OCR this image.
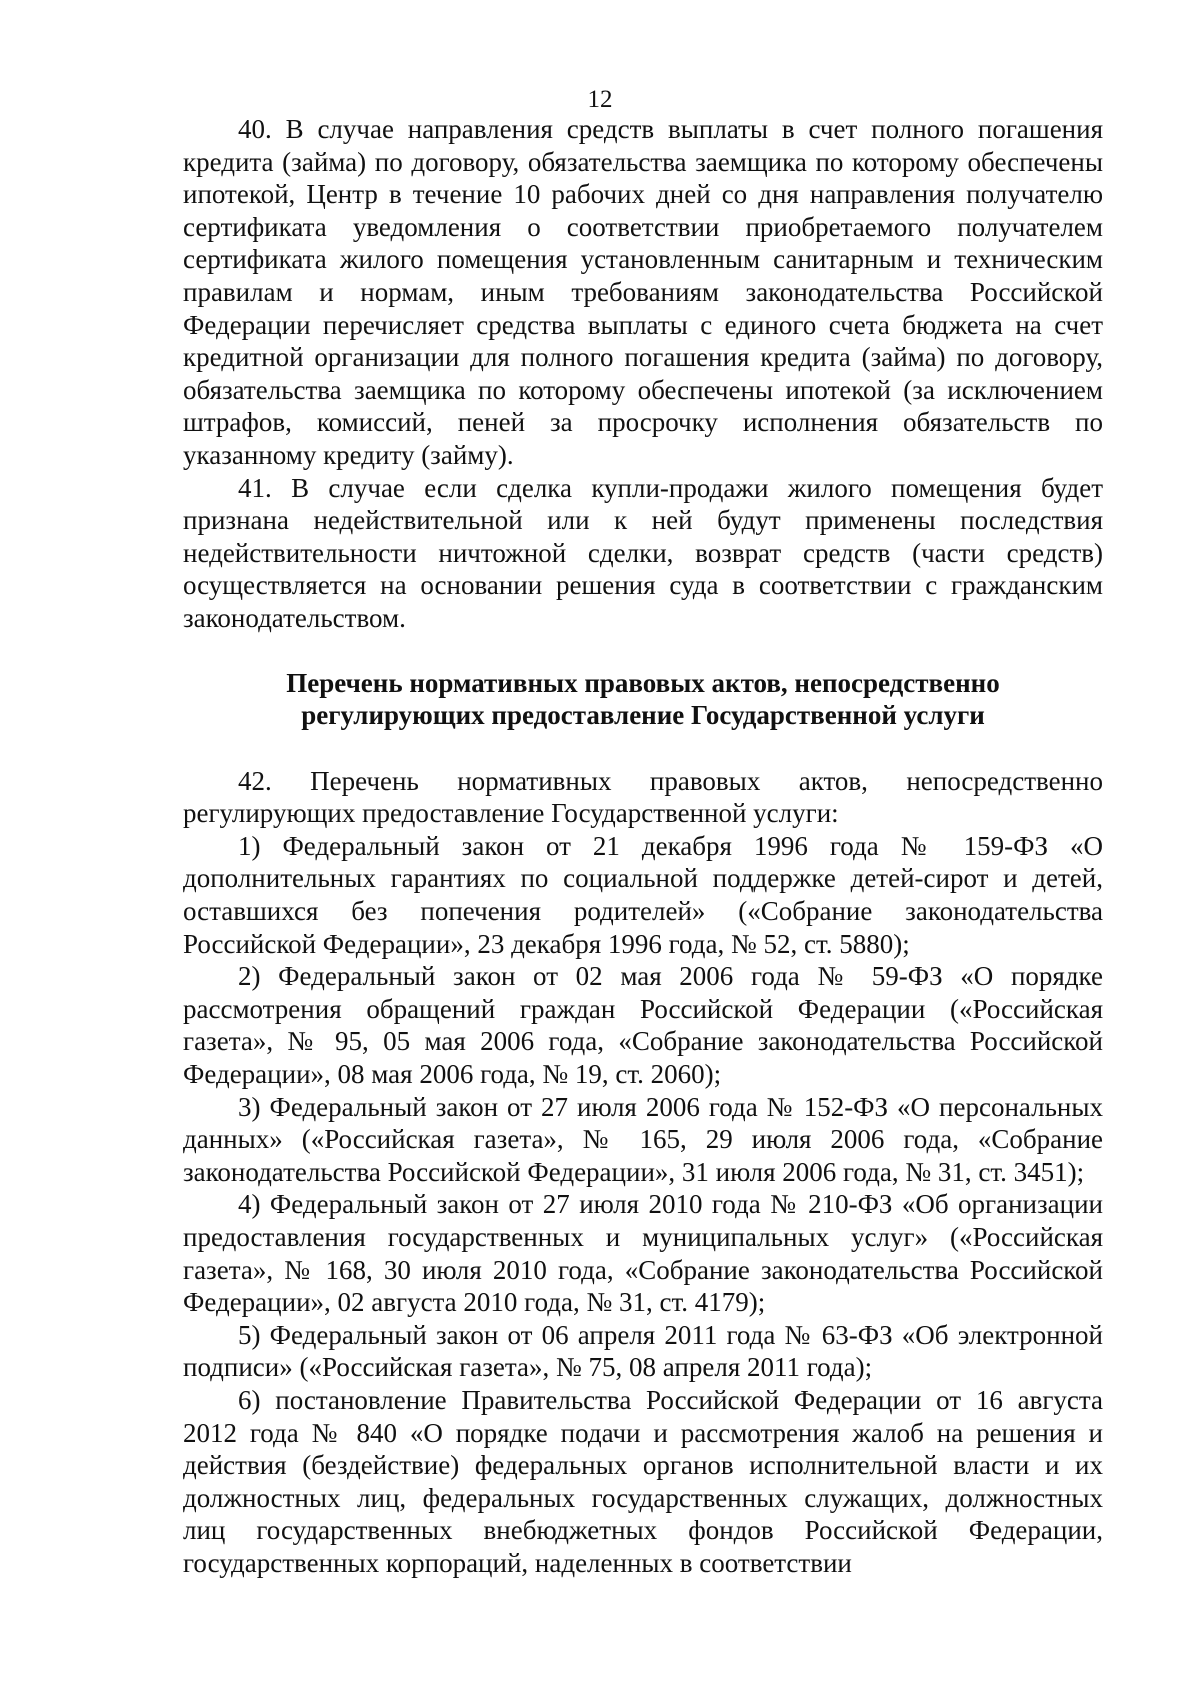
12

40. В случае направления средств выплаты в счет полного погашения кредита (займа) по договору, обязательства заемщика по которому обеспечены ипотекой, Центр в течение 10 рабочих дней со дня направления получателю сертификата уведомления о соответствии приобретаемого получателем сертификата жилого помещения установленным санитарным и техническим правилам и нормам, иным требованиям законодательства Российской Федерации перечисляет средства выплаты с единого счета бюджета на счет кредитной организации для полного погашения кредита (займа) по договору, обязательства заемщика по которому обеспечены ипотекой (за исключением штрафов, комиссий, пеней за просрочку исполнения обязательств по указанному кредиту (займу).

41. В случае если сделка купли-продажи жилого помещения будет признана недействительной или к ней будут применены последствия недействительности ничтожной сделки, возврат средств (части средств) осуществляется на основании решения суда в соответствии с гражданским законодательством.

Перечень нормативных правовых актов, непосредственно
регулирующих предоставление Государственной услуги

42. Перечень нормативных правовых актов, непосредственно регулирующих предоставление Государственной услуги:

1) Федеральный закон от 21 декабря 1996 года № 159-ФЗ «О дополнительных гарантиях по социальной поддержке детей-сирот и детей, оставшихся без попечения родителей» («Собрание законодательства Российской Федерации», 23 декабря 1996 года, № 52, ст. 5880);

2) Федеральный закон от 02 мая 2006 года № 59-ФЗ «О порядке рассмотрения обращений граждан Российской Федерации («Российская газета», № 95, 05 мая 2006 года, «Собрание законодательства Российской Федерации», 08 мая 2006 года, № 19, ст. 2060);

3) Федеральный закон от 27 июля 2006 года № 152-ФЗ «О персональных данных» («Российская газета», № 165, 29 июля 2006 года, «Собрание законодательства Российской Федерации», 31 июля 2006 года, № 31, ст. 3451);

4) Федеральный закон от 27 июля 2010 года № 210-ФЗ «Об организации предоставления государственных и муниципальных услуг» («Российская газета», № 168, 30 июля 2010 года, «Собрание законодательства Российской Федерации», 02 августа 2010 года, № 31, ст. 4179);

5) Федеральный закон от 06 апреля 2011 года № 63-ФЗ «Об электронной подписи» («Российская газета», № 75, 08 апреля 2011 года);

6) постановление Правительства Российской Федерации от 16 августа 2012 года № 840 «О порядке подачи и рассмотрения жалоб на решения и действия (бездействие) федеральных органов исполнительной власти и их должностных лиц, федеральных государственных служащих, должностных лиц государственных внебюджетных фондов Российской Федерации, государственных корпораций, наделенных в соответствии
